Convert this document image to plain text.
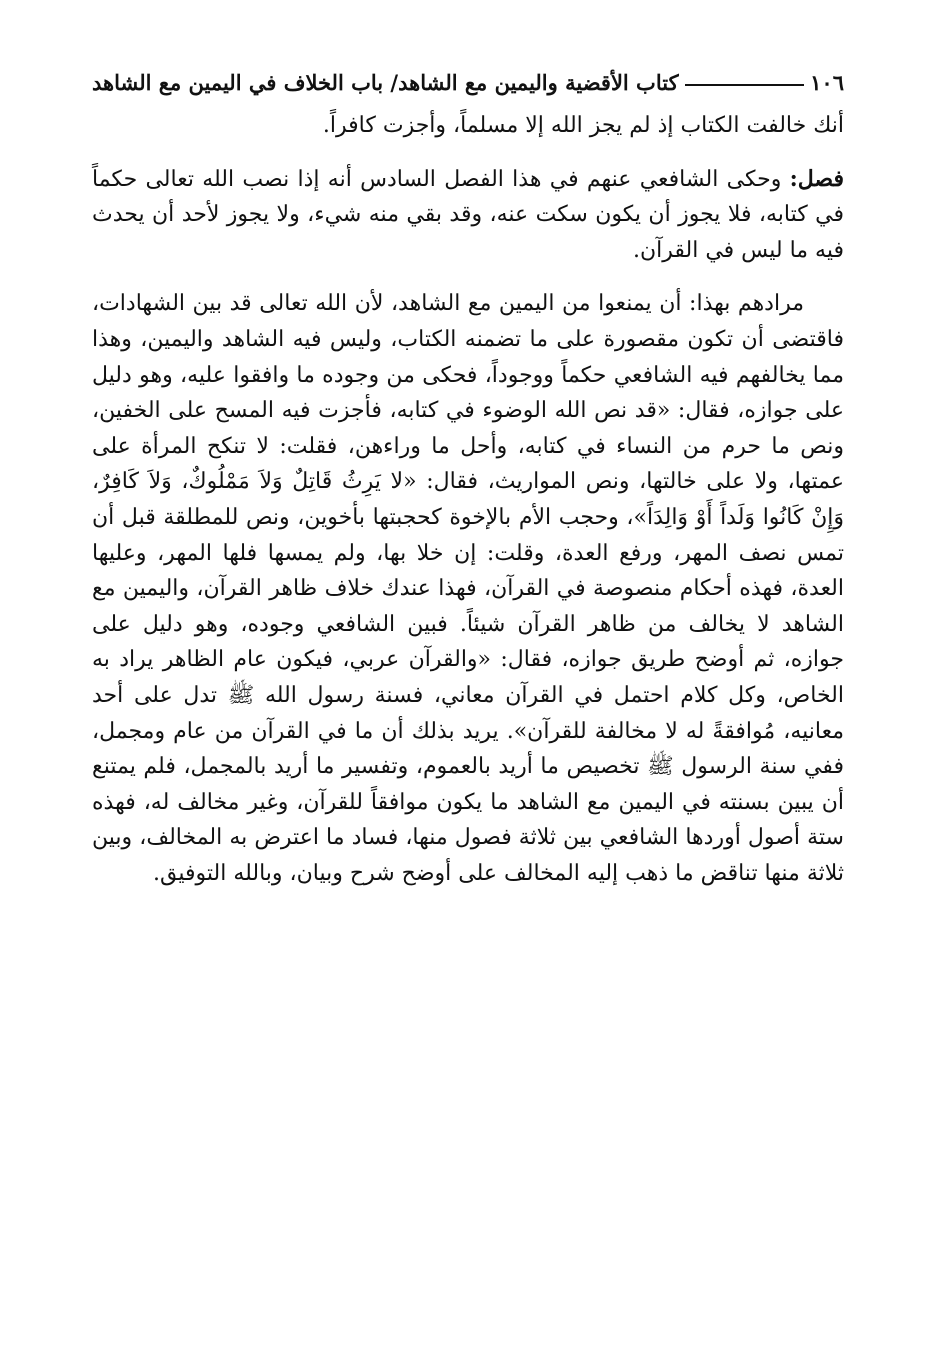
١٠٦
كتاب الأقضية واليمين مع الشاهد/ باب الخلاف في اليمين مع الشاهد

أنك خالفت الكتاب إذ لم يجز الله إلا مسلماً، وأجزت كافراً.

فصل: وحكى الشافعي عنهم في هذا الفصل السادس أنه إذا نصب الله تعالى حكماً في كتابه، فلا يجوز أن يكون سكت عنه، وقد بقي منه شيء، ولا يجوز لأحد أن يحدث فيه ما ليس في القرآن.

مرادهم بهذا: أن يمنعوا من اليمين مع الشاهد، لأن الله تعالى قد بين الشهادات، فاقتضى أن تكون مقصورة على ما تضمنه الكتاب، وليس فيه الشاهد واليمين، وهذا مما يخالفهم فيه الشافعي حكماً ووجوداً، فحكى من وجوده ما وافقوا عليه، وهو دليل على جوازه، فقال: «قد نص الله الوضوء في كتابه، فأجزت فيه المسح على الخفين، ونص ما حرم من النساء في كتابه، وأحل ما وراءهن، فقلت: لا تنكح المرأة على عمتها، ولا على خالتها، ونص المواريث، فقال: «لا يَرِثُ قَاتِلٌ وَلاَ مَمْلُوكٌ، وَلاَ كَافِرٌ، وَإِنْ كَانُوا وَلَداً أَوْ وَالِدَاً»، وحجب الأم بالإخوة كحجبتها بأخوين، ونص للمطلقة قبل أن تمس نصف المهر، ورفع العدة، وقلت: إن خلا بها، ولم يمسها فلها المهر، وعليها العدة، فهذه أحكام منصوصة في القرآن، فهذا عندك خلاف ظاهر القرآن، واليمين مع الشاهد لا يخالف من ظاهر القرآن شيئاً. فبين الشافعي وجوده، وهو دليل على جوازه، ثم أوضح طريق جوازه، فقال: «والقرآن عربي، فيكون عام الظاهر يراد به الخاص، وكل كلام احتمل في القرآن معاني، فسنة رسول الله ﷺ تدل على أحد معانيه، مُوافقةً له لا مخالفة للقرآن». يريد بذلك أن ما في القرآن من عام ومجمل، ففي سنة الرسول ﷺ تخصيص ما أريد بالعموم، وتفسير ما أريد بالمجمل، فلم يمتنع أن يبين بسنته في اليمين مع الشاهد ما يكون موافقاً للقرآن، وغير مخالف له، فهذه ستة أصول أوردها الشافعي بين ثلاثة فصول منها، فساد ما اعترض به المخالف، وبين ثلاثة منها تناقض ما ذهب إليه المخالف على أوضح شرح وبيان، وبالله التوفيق.
